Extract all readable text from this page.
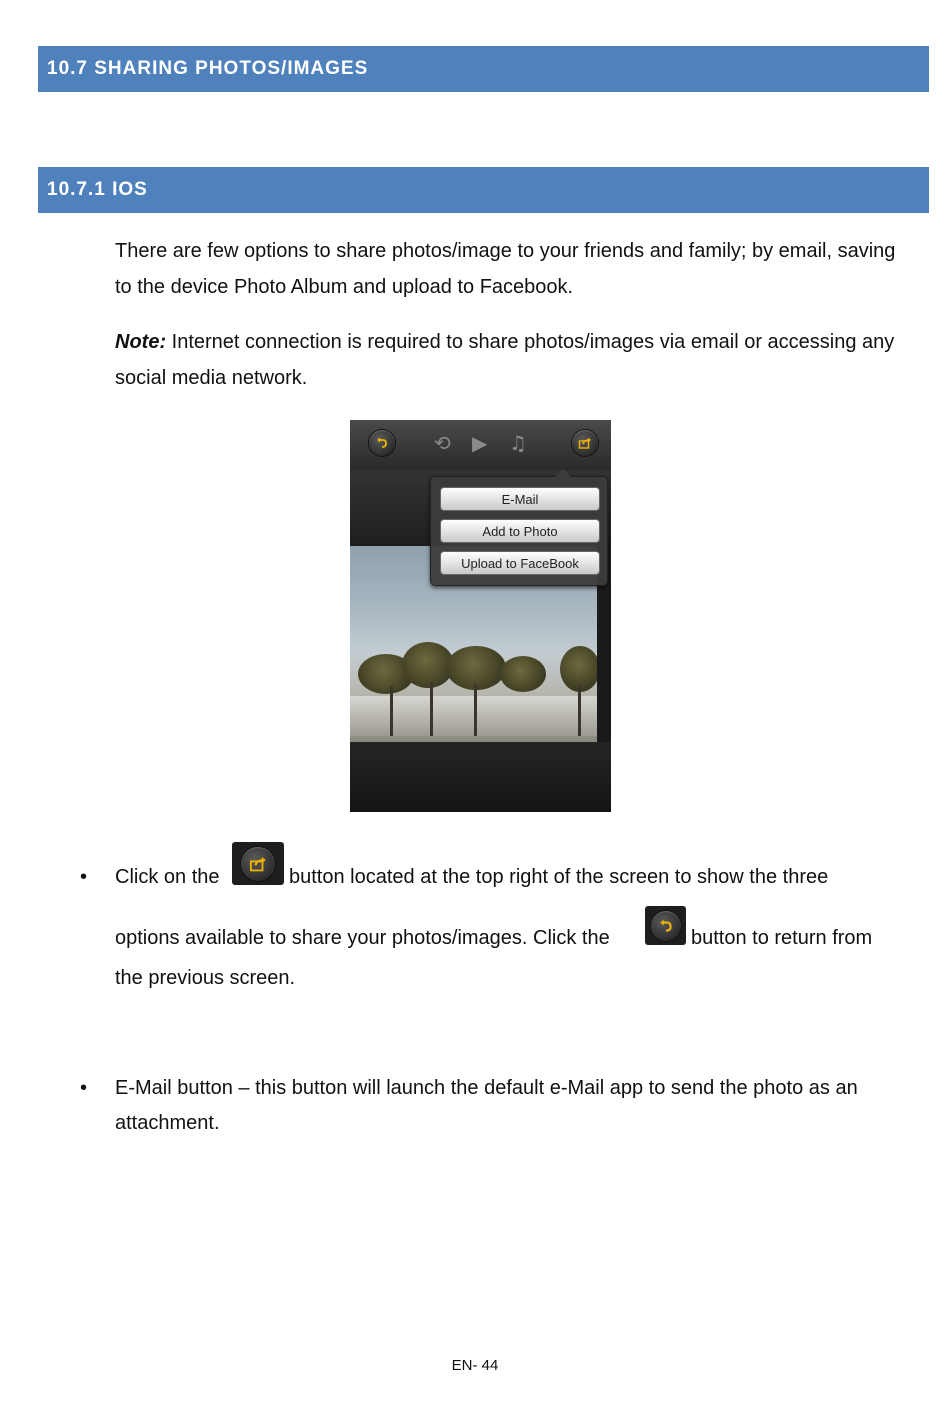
10.7 SHARING PHOTOS/IMAGES
10.7.1 IOS

There are few options to share photos/image to your friends and family; by email, saving to the device Photo Album and upload to Facebook.

Note: Internet connection is required to share photos/images via email or accessing any social media network.

⟲ ▶ ♫
E-Mail
Add to Photo
Upload to FaceBook
• Click on the	button located at the top right of the screen to show the three
options available to share your photos/images. Click the	button to return from
the previous screen.
• E-Mail button – this button will launch the default e-Mail app to send the photo as an
attachment.
EN- 44
